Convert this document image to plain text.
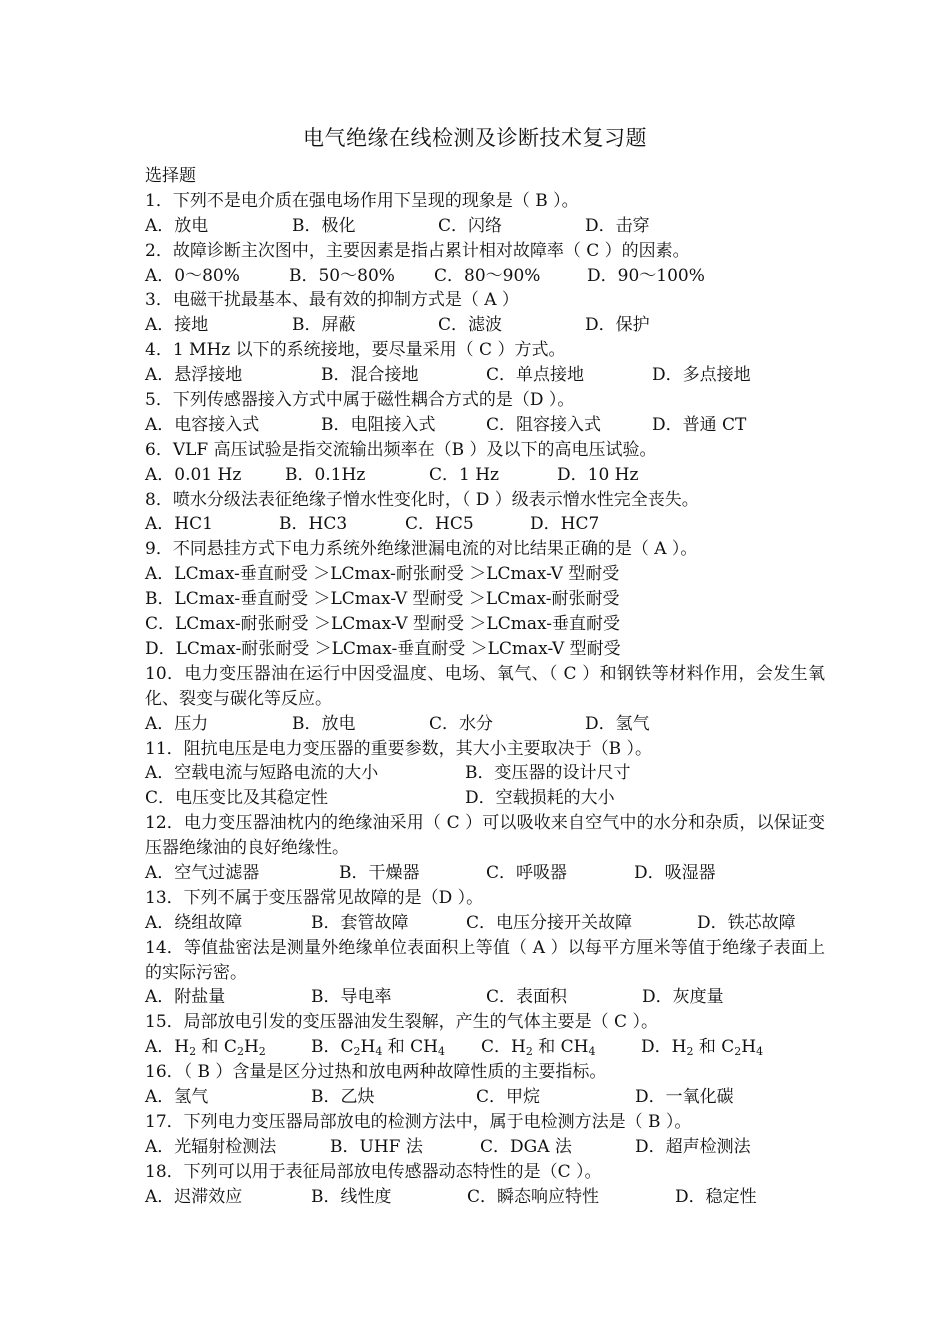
电气绝缘在线检测及诊断技术复习题
选择题
1．下列不是电介质在强电场作用下呈现的现象是（ B ）。
A．放电	B．极化	C．闪络	D．击穿
2．故障诊断主次图中，主要因素是指占累计相对故障率（ C ）的因素。
A．0～80%	B．50～80% C．80～90%	D．90～100%
3．电磁干扰最基本、最有效的抑制方式是（ A ）
A．接地	B．屏蔽	C．滤波	D．保护
4．1 MHz 以下的系统接地，要尽量采用（ C ）方式。
A．悬浮接地	B．混合接地	C．单点接地	D．多点接地
5．下列传感器接入方式中属于磁性耦合方式的是（D ）。
A．电容接入式	B．电阻接入式	C．阻容接入式	D．普通 CT
6．VLF 高压试验是指交流输出频率在（B ）及以下的高电压试验。
A．0.01 Hz	B．0.1Hz	C．1 Hz	D．10 Hz
8．喷水分级法表征绝缘子憎水性变化时，（ D ）级表示憎水性完全丧失。
A．HC1	B．HC3	C．HC5	D．HC7
9．不同悬挂方式下电力系统外绝缘泄漏电流的对比结果正确的是（ A ）。
A．LCmax-垂直耐受 ＞LCmax-耐张耐受 ＞LCmax-V 型耐受
B．LCmax-垂直耐受 ＞LCmax-V 型耐受 ＞LCmax-耐张耐受
C．LCmax-耐张耐受 ＞LCmax-V 型耐受 ＞LCmax-垂直耐受
D．LCmax-耐张耐受 ＞LCmax-垂直耐受 ＞LCmax-V 型耐受
10．电力变压器油在运行中因受温度、电场、氧气、（ C ）和钢铁等材料作用，会发生氧化、裂变与碳化等反应。
A．压力	B．放电	C．水分	D．氢气
11．阻抗电压是电力变压器的重要参数，其大小主要取决于（B ）。
A．空载电流与短路电流的大小	B．变压器的设计尺寸
C．电压变比及其稳定性	D．空载损耗的大小
12．电力变压器油枕内的绝缘油采用（ C ）可以吸收来自空气中的水分和杂质，以保证变压器绝缘油的良好绝缘性。
A．空气过滤器	B．干燥器	C．呼吸器	D．吸湿器
13．下列不属于变压器常见故障的是（D ）。
A．绕组故障	B．套管故障	C．电压分接开关故障	D．铁芯故障
14．等值盐密法是测量外绝缘单位表面积上等值（ A ）以每平方厘米等值于绝缘子表面上的实际污密。
A．附盐量	B．导电率	C．表面积	D．灰度量
15．局部放电引发的变压器油发生裂解，产生的气体主要是（ C ）。
A．$H_2$ 和 $C_2H_2$	B．$C_2H_4$ 和 $CH_4$ C．$H_2$ 和 $CH_4$	D．$H_2$ 和 $C_2H_4$
16．（ B ）含量是区分过热和放电两种故障性质的主要指标。
A．氢气	B．乙炔	C．甲烷	D．一氧化碳
17．下列电力变压器局部放电的检测方法中，属于电检测方法是（ B ）。
A．光辐射检测法	B．UHF 法	C．DGA 法	D．超声检测法
18．下列可以用于表征局部放电传感器动态特性的是（C ）。
A．迟滞效应	B．线性度	C．瞬态响应特性	D．稳定性
